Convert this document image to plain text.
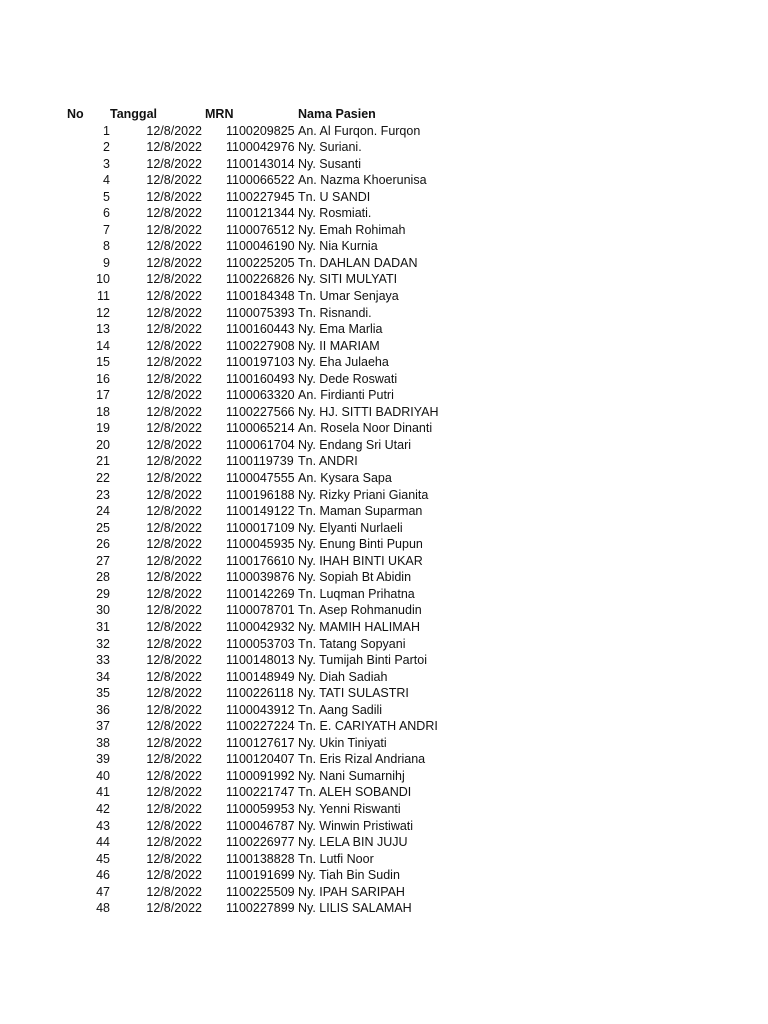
No Tanggal	MRN	Nama Pasien
1	12/8/2022 1100209825 An. Al Furqon. Furqon
2	12/8/2022 1100042976 Ny. Suriani.
3	12/8/2022 1100143014 Ny. Susanti
4	12/8/2022 1100066522 An. Nazma Khoerunisa
5	12/8/2022 1100227945 Tn. U SANDI
6	12/8/2022 1100121344 Ny. Rosmiati.
7	12/8/2022 1100076512 Ny. Emah Rohimah
8	12/8/2022 1100046190 Ny. Nia Kurnia
9	12/8/2022 1100225205 Tn. DAHLAN DADAN
10	12/8/2022 1100226826 Ny. SITI MULYATI
11	12/8/2022 1100184348 Tn. Umar Senjaya
12	12/8/2022 1100075393 Tn. Risnandi.
13	12/8/2022 1100160443 Ny. Ema Marlia
14	12/8/2022 1100227908 Ny. II MARIAM
15	12/8/2022 1100197103 Ny. Eha Julaeha
16	12/8/2022 1100160493 Ny. Dede Roswati
17	12/8/2022 1100063320 An. Firdianti Putri
18	12/8/2022 1100227566 Ny. HJ. SITTI BADRIYAH
19	12/8/2022 1100065214 An. Rosela Noor Dinanti
20	12/8/2022 1100061704 Ny. Endang Sri Utari
21	12/8/2022 1100119739 Tn. ANDRI
22	12/8/2022 1100047555 An. Kysara Sapa
23	12/8/2022 1100196188 Ny. Rizky Priani Gianita
24	12/8/2022 1100149122 Tn. Maman Suparman
25	12/8/2022 1100017109 Ny. Elyanti Nurlaeli
26	12/8/2022 1100045935 Ny. Enung Binti Pupun
27	12/8/2022 1100176610 Ny. IHAH BINTI UKAR
28	12/8/2022 1100039876 Ny. Sopiah Bt Abidin
29	12/8/2022 1100142269 Tn. Luqman Prihatna
30	12/8/2022 1100078701 Tn. Asep Rohmanudin
31	12/8/2022 1100042932 Ny. MAMIH HALIMAH
32	12/8/2022 1100053703 Tn. Tatang Sopyani
33	12/8/2022 1100148013 Ny. Tumijah Binti Partoi
34	12/8/2022 1100148949 Ny. Diah Sadiah
35	12/8/2022 1100226118 Ny. TATI SULASTRI
36	12/8/2022 1100043912 Tn. Aang Sadili
37	12/8/2022 1100227224 Tn. E. CARIYATH ANDRI
38	12/8/2022 1100127617 Ny. Ukin Tiniyati
39	12/8/2022 1100120407 Tn. Eris Rizal Andriana
40	12/8/2022 1100091992 Ny. Nani Sumarnihj
41	12/8/2022 1100221747 Tn. ALEH SOBANDI
42	12/8/2022 1100059953 Ny. Yenni Riswanti
43	12/8/2022 1100046787 Ny. Winwin Pristiwati
44	12/8/2022 1100226977 Ny. LELA BIN JUJU
45	12/8/2022 1100138828 Tn. Lutfi Noor
46	12/8/2022 1100191699 Ny. Tiah Bin Sudin
47	12/8/2022 1100225509 Ny. IPAH SARIPAH
48	12/8/2022 1100227899 Ny. LILIS SALAMAH
